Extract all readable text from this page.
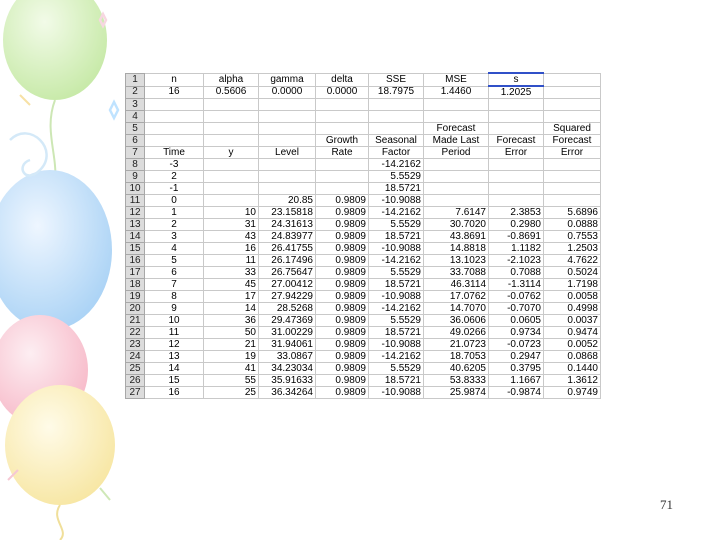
1	n	alpha	gamma	delta	SSE	MSE	s	
2	16	0.5606	0.0000	0.0000	18.7975	1.4460	1.2025	
3								
4								
5						Forecast		Squared
6				Growth	Seasonal	Made Last	Forecast	Forecast
7	Time	y	Level	Rate	Factor	Period	Error	Error
8	-3				-14.2162			
9	2				5.5529			
10	-1				18.5721			
11	0		20.85	0.9809	-10.9088			
12	1	10	23.15818	0.9809	-14.2162	7.6147	2.3853	5.6896
13	2	31	24.31613	0.9809	5.5529	30.7020	0.2980	0.0888
14	3	43	24.83977	0.9809	18.5721	43.8691	-0.8691	0.7553
15	4	16	26.41755	0.9809	-10.9088	14.8818	1.1182	1.2503
16	5	11	26.17496	0.9809	-14.2162	13.1023	-2.1023	4.7622
17	6	33	26.75647	0.9809	5.5529	33.7088	0.7088	0.5024
18	7	45	27.00412	0.9809	18.5721	46.3114	-1.3114	1.7198
19	8	17	27.94229	0.9809	-10.9088	17.0762	-0.0762	0.0058
20	9	14	28.5268	0.9809	-14.2162	14.7070	-0.7070	0.4998
21	10	36	29.47369	0.9809	5.5529	36.0606	0.0605	0.0037
22	11	50	31.00229	0.9809	18.5721	49.0266	0.9734	0.9474
23	12	21	31.94061	0.9809	-10.9088	21.0723	-0.0723	0.0052
24	13	19	33.0867	0.9809	-14.2162	18.7053	0.2947	0.0868
25	14	41	34.23034	0.9809	5.5529	40.6205	0.3795	0.1440
26	15	55	35.91633	0.9809	18.5721	53.8333	1.1667	1.3612
27	16	25	36.34264	0.9809	-10.9088	25.9874	-0.9874	0.9749
71
